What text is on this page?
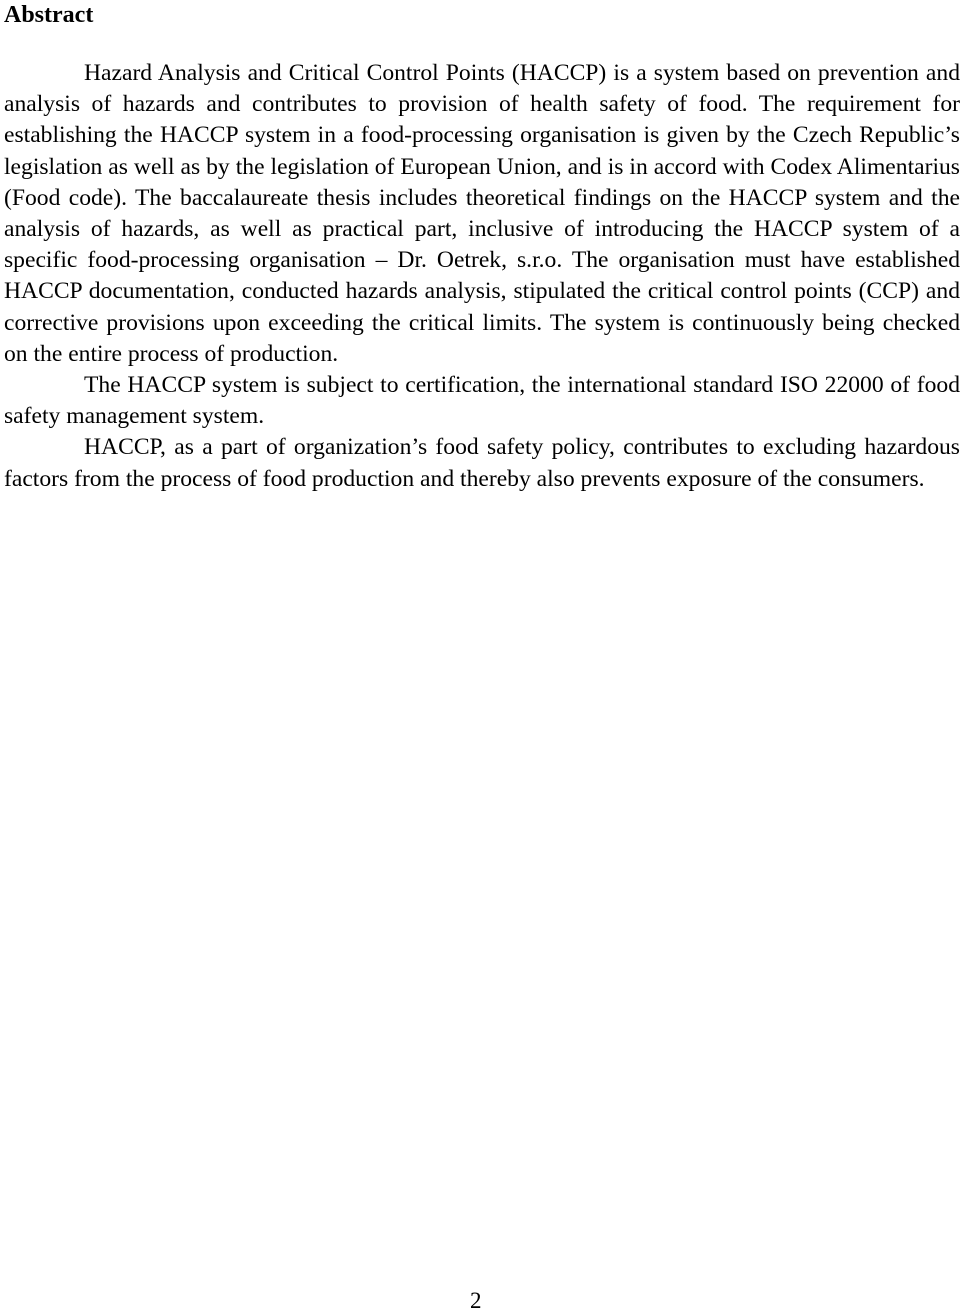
Abstract

Hazard Analysis and Critical Control Points (HACCP) is a system based on prevention and analysis of hazards and contributes to provision of health safety of food. The requirement for establishing the HACCP system in a food-processing organisation is given by the Czech Republic’s legislation as well as by the legislation of European Union, and is in accord with Codex Alimentarius (Food code). The baccalaureate thesis includes theoretical findings on the HACCP system and the analysis of hazards, as well as practical part, inclusive of introducing the HACCP system of a specific food-processing organisation – Dr. Oetrek, s.r.o. The organisation must have established HACCP documentation, conducted hazards analysis, stipulated the critical control points (CCP) and corrective provisions upon exceeding the critical limits. The system is continuously being checked on the entire process of production.

The HACCP system is subject to certification, the international standard ISO 22000 of food safety management system.

HACCP, as a part of organization’s food safety policy, contributes to excluding hazardous factors from the process of food production and thereby also prevents exposure of the consumers.

2
